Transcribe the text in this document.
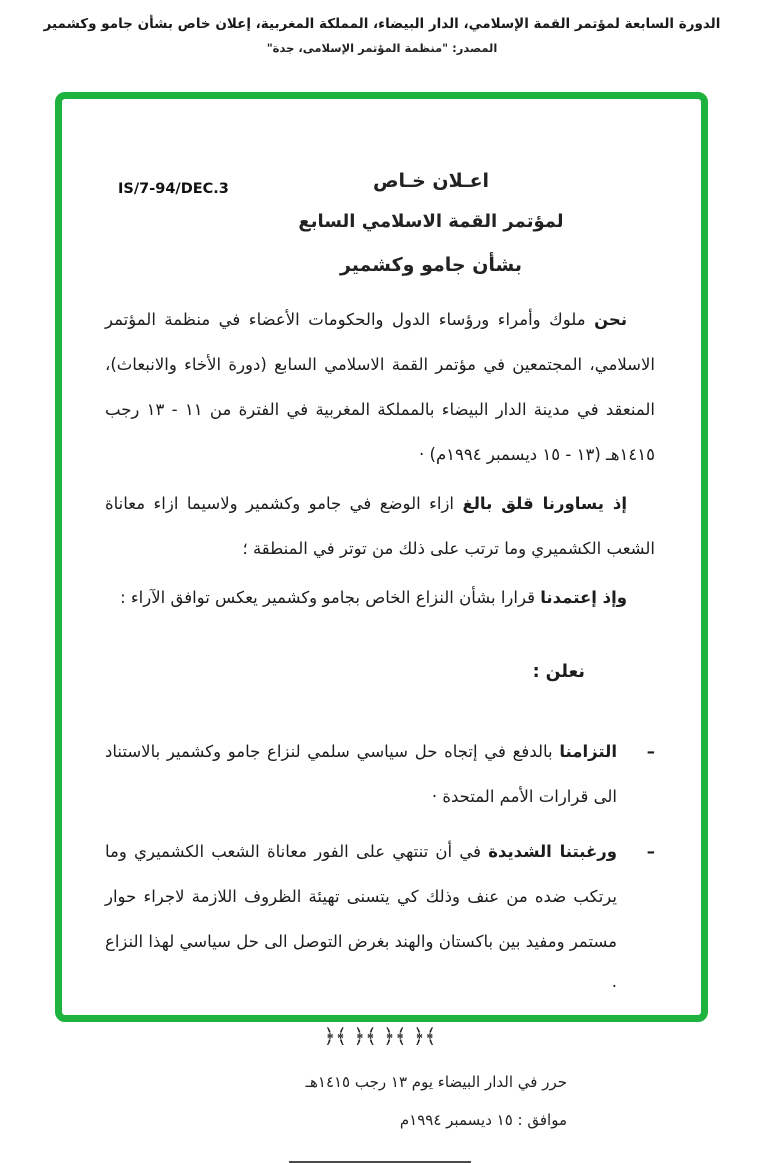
الدورة السابعة لمؤتمر القمة الإسلامي، الدار البيضاء، المملكة المغربية، إعلان خاص بشأن جامو وكشمير
المصدر: "منظمة المؤتمر الإسلامى، جدة"
IS/7-94/DEC.3	اعـلان خـاص
لمؤتمر القمة الاسلامي السابع
بشأن جامو وكشمير

نحن ملوك وأمراء ورؤساء الدول والحكومات الأعضاء في منظمة المؤتمر الاسلامي، المجتمعين في مؤتمر القمة الاسلامي السابع (دورة الأخاء والانبعاث)، المنعقد في مدينة الدار البيضاء بالمملكة المغربية في الفترة من ١١ - ١٣ رجب ١٤١٥هـ (١٣ - ١٥ ديسمبر ١٩٩٤م) ·

إذ يساورنا قلق بالغ ازاء الوضع في جامو وكشمير ولاسيما ازاء معاناة الشعب الكشميري وما ترتب على ذلك من توتر في المنطقة ؛

وإذ إعتمدنا قرارا بشأن النزاع الخاص بجامو وكشمير يعكس توافق الآراء :

نعلن :

–
التزامنا بالدفع في إتجاه حل سياسي سلمي لنزاع جامو وكشمير بالاستناد الى قرارات الأمم المتحدة ·
–
ورغبتنا الشديدة في أن تنتهي على الفور معاناة الشعب الكشميري وما يرتكب ضده من عنف وذلك كي يتسنى تهيئة الظروف اللازمة لاجراء حوار مستمر ومفيد بين باكستان والهند بغرض التوصل الى حل سياسي لهذا النزاع ·
﴾﴿ ﴾﴿ ﴾﴿ ﴾﴿
حرر في الدار البيضاء يوم ١٣ رجب ١٤١٥هـ
موافق : ١٥ ديسمبر ١٩٩٤م
